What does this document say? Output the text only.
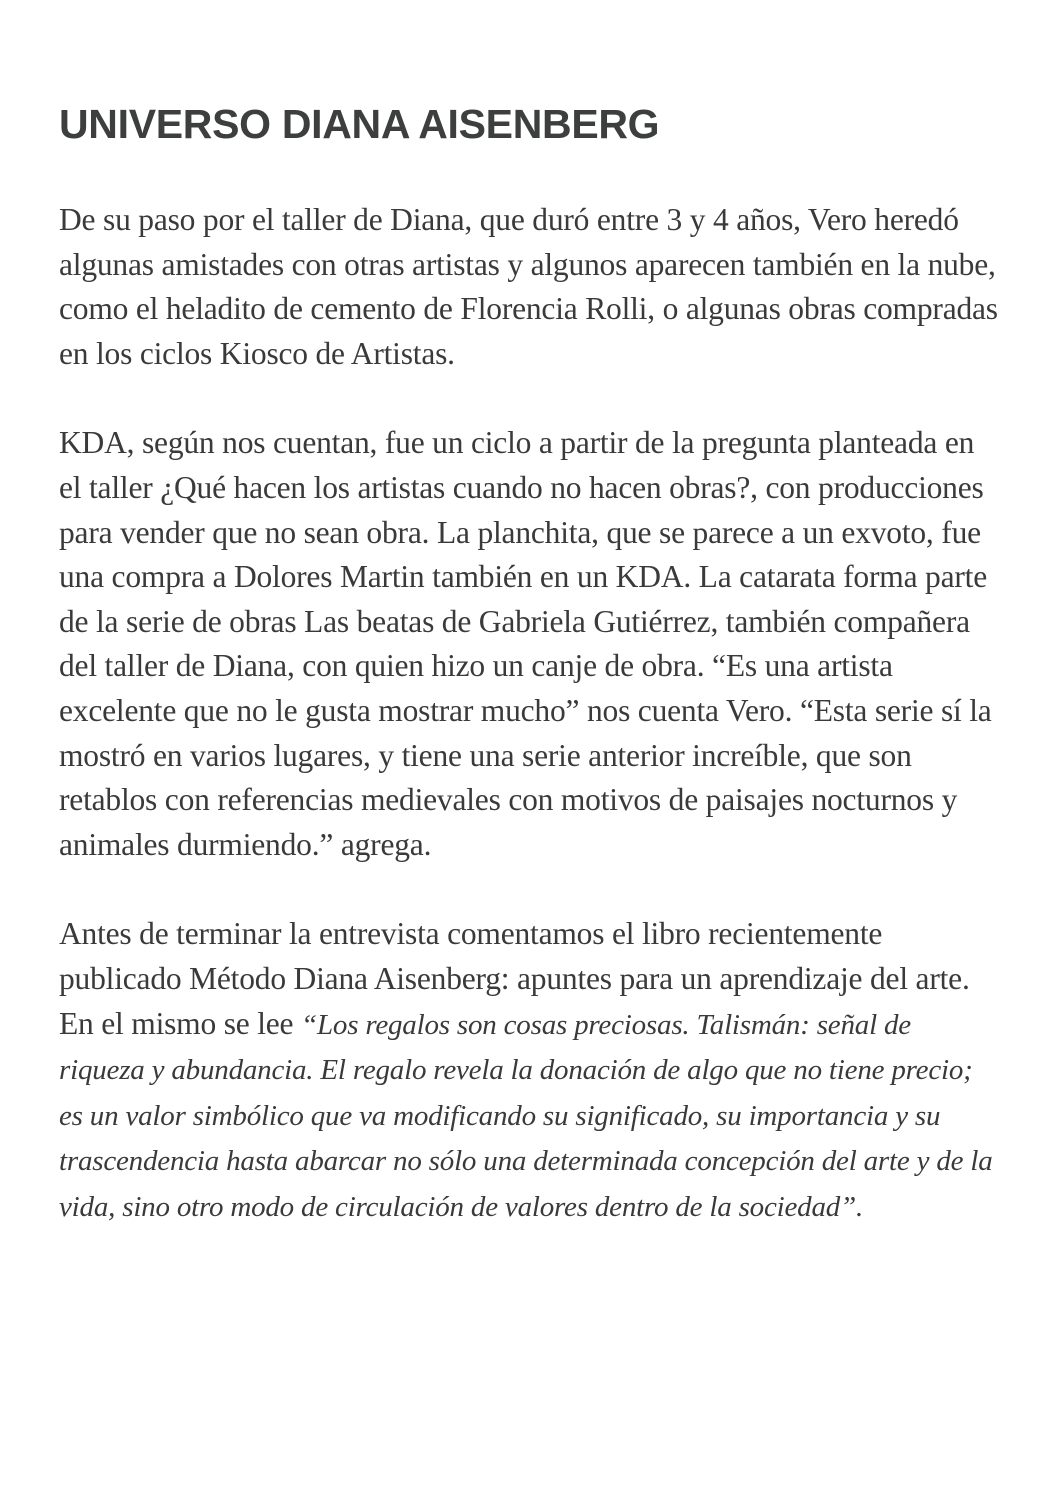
UNIVERSO DIANA AISENBERG

De su paso por el taller de Diana, que duró entre 3 y 4 años, Vero heredó algunas amistades con otras artistas y algunos aparecen también en la nube, como el heladito de cemento de Florencia Rolli, o algunas obras compradas en los ciclos Kiosco de Artistas.

KDA, según nos cuentan, fue un ciclo a partir de la pregunta planteada en el taller ¿Qué hacen los artistas cuando no hacen obras?, con producciones para vender que no sean obra. La planchita, que se parece a un exvoto, fue una compra a Dolores Martin también en un KDA. La catarata forma parte de la serie de obras Las beatas de Gabriela Gutiérrez, también compañera del taller de Diana, con quien hizo un canje de obra. “Es una artista excelente que no le gusta mostrar mucho” nos cuenta Vero. “Esta serie sí la mostró en varios lugares, y tiene una serie anterior increíble, que son retablos con referencias medievales con motivos de paisajes nocturnos y animales durmiendo.” agrega.

Antes de terminar la entrevista comentamos el libro recientemente publicado Método Diana Aisenberg: apuntes para un aprendizaje del arte. En el mismo se lee “Los regalos son cosas preciosas. Talismán: señal de riqueza y abundancia. El regalo revela la donación de algo que no tiene precio; es un valor simbólico que va modificando su significado, su importancia y su trascendencia hasta abarcar no sólo una determinada concepción del arte y de la vida, sino otro modo de circulación de valores dentro de la sociedad”.
